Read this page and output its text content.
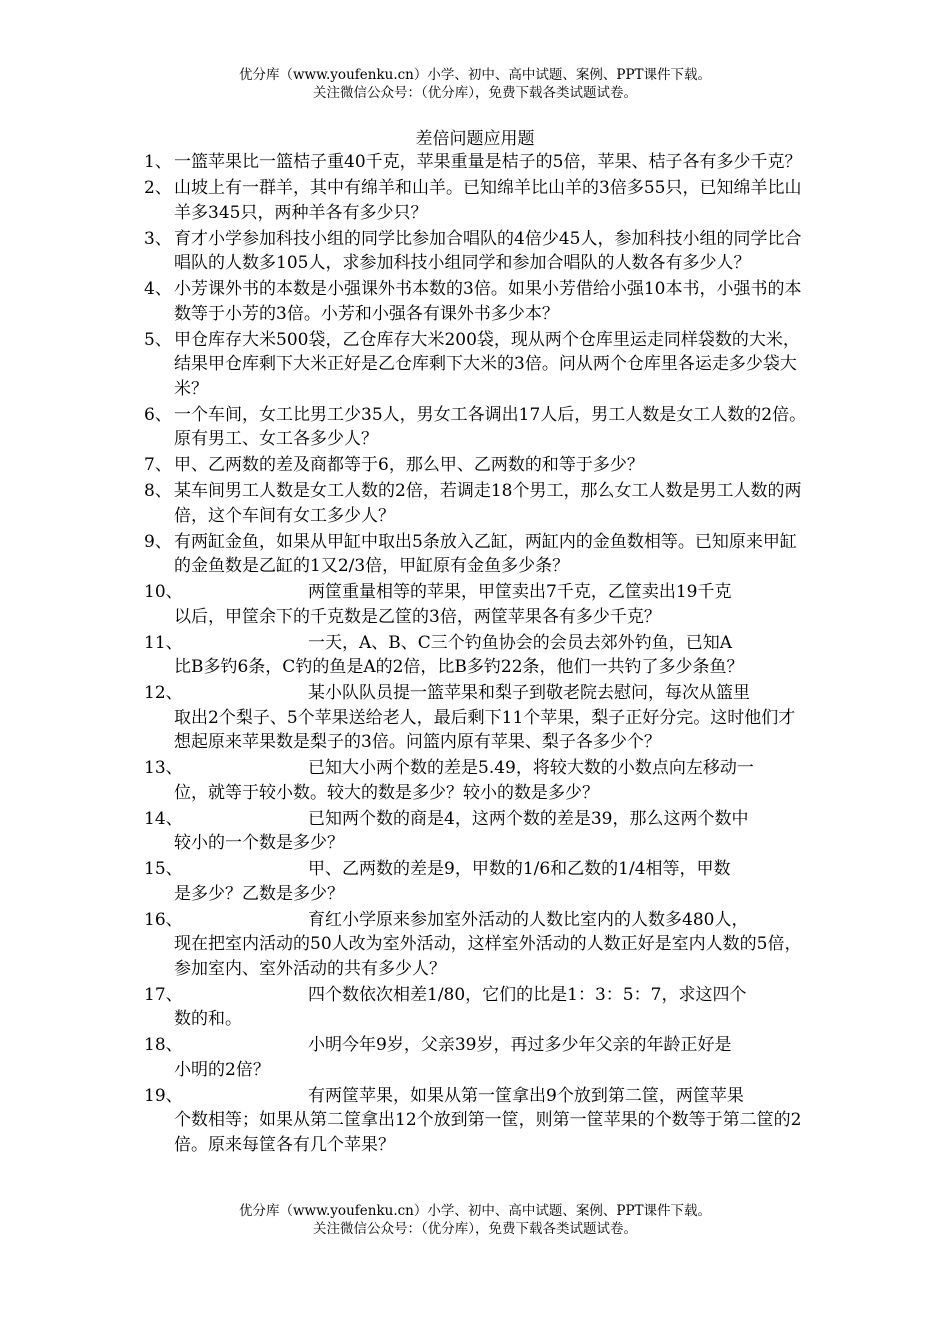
优分库（www.youfenku.cn）小学、初中、高中试题、案例、PPT课件下载。
关注微信公众号：（优分库），免费下载各类试题试卷。
差倍问题应用题
1、 一篮苹果比一篮桔子重40千克，苹果重量是桔子的5倍，苹果、桔子各有多少千克？
2、 山坡上有一群羊，其中有绵羊和山羊。已知绵羊比山羊的3倍多55只，已知绵羊比山羊多345只，两种羊各有多少只？
3、 育才小学参加科技小组的同学比参加合唱队的4倍少45人，参加科技小组的同学比合唱队的人数多105人，求参加科技小组同学和参加合唱队的人数各有多少人？
4、 小芳课外书的本数是小强课外书本数的3倍。如果小芳借给小强10本书，小强书的本数等于小芳的3倍。小芳和小强各有课外书多少本？
5、 甲仓库存大米500袋，乙仓库存大米200袋，现从两个仓库里运走同样袋数的大米，结果甲仓库剩下大米正好是乙仓库剩下大米的3倍。问从两个仓库里各运走多少袋大米？
6、 一个车间，女工比男工少35人，男女工各调出17人后，男工人数是女工人数的2倍。原有男工、女工各多少人？
7、 甲、乙两数的差及商都等于6，那么甲、乙两数的和等于多少？
8、 某车间男工人数是女工人数的2倍，若调走18个男工，那么女工人数是男工人数的两倍，这个车间有女工多少人？
9、 有两缸金鱼，如果从甲缸中取出5条放入乙缸，两缸内的金鱼数相等。已知原来甲缸的金鱼数是乙缸的1又2/3倍，甲缸原有金鱼多少条？
10、	两筐重量相等的苹果，甲筐卖出7千克，乙筐卖出19千克
以后，甲筐余下的千克数是乙筐的3倍，两筐苹果各有多少千克？
11、	一天，A、B、C三个钓鱼协会的会员去郊外钓鱼，已知A
比B多钓6条，C钓的鱼是A的2倍，比B多钓22条，他们一共钓了多少条鱼？
12、	某小队队员提一篮苹果和梨子到敬老院去慰问，每次从篮里
取出2个梨子、5个苹果送给老人，最后剩下11个苹果，梨子正好分完。这时他们才想起原来苹果数是梨子的3倍。问篮内原有苹果、梨子各多少个？
13、	已知大小两个数的差是5.49，将较大数的小数点向左移动一
位，就等于较小数。较大的数是多少？较小的数是多少？
14、	已知两个数的商是4，这两个数的差是39，那么这两个数中
较小的一个数是多少？
15、	甲、乙两数的差是9，甲数的1/6和乙数的1/4相等，甲数
是多少？乙数是多少？
16、	育红小学原来参加室外活动的人数比室内的人数多480人，
现在把室内活动的50人改为室外活动，这样室外活动的人数正好是室内人数的5倍，参加室内、室外活动的共有多少人？
17、	四个数依次相差1/80，它们的比是1：3：5：7，求这四个
数的和。
18、	小明今年9岁，父亲39岁，再过多少年父亲的年龄正好是
小明的2倍？
19、	有两筐苹果，如果从第一筐拿出9个放到第二筐，两筐苹果
个数相等；如果从第二筐拿出12个放到第一筐，则第一筐苹果的个数等于第二筐的2倍。原来每筐各有几个苹果？
优分库（www.youfenku.cn）小学、初中、高中试题、案例、PPT课件下载。
关注微信公众号：（优分库），免费下载各类试题试卷。
